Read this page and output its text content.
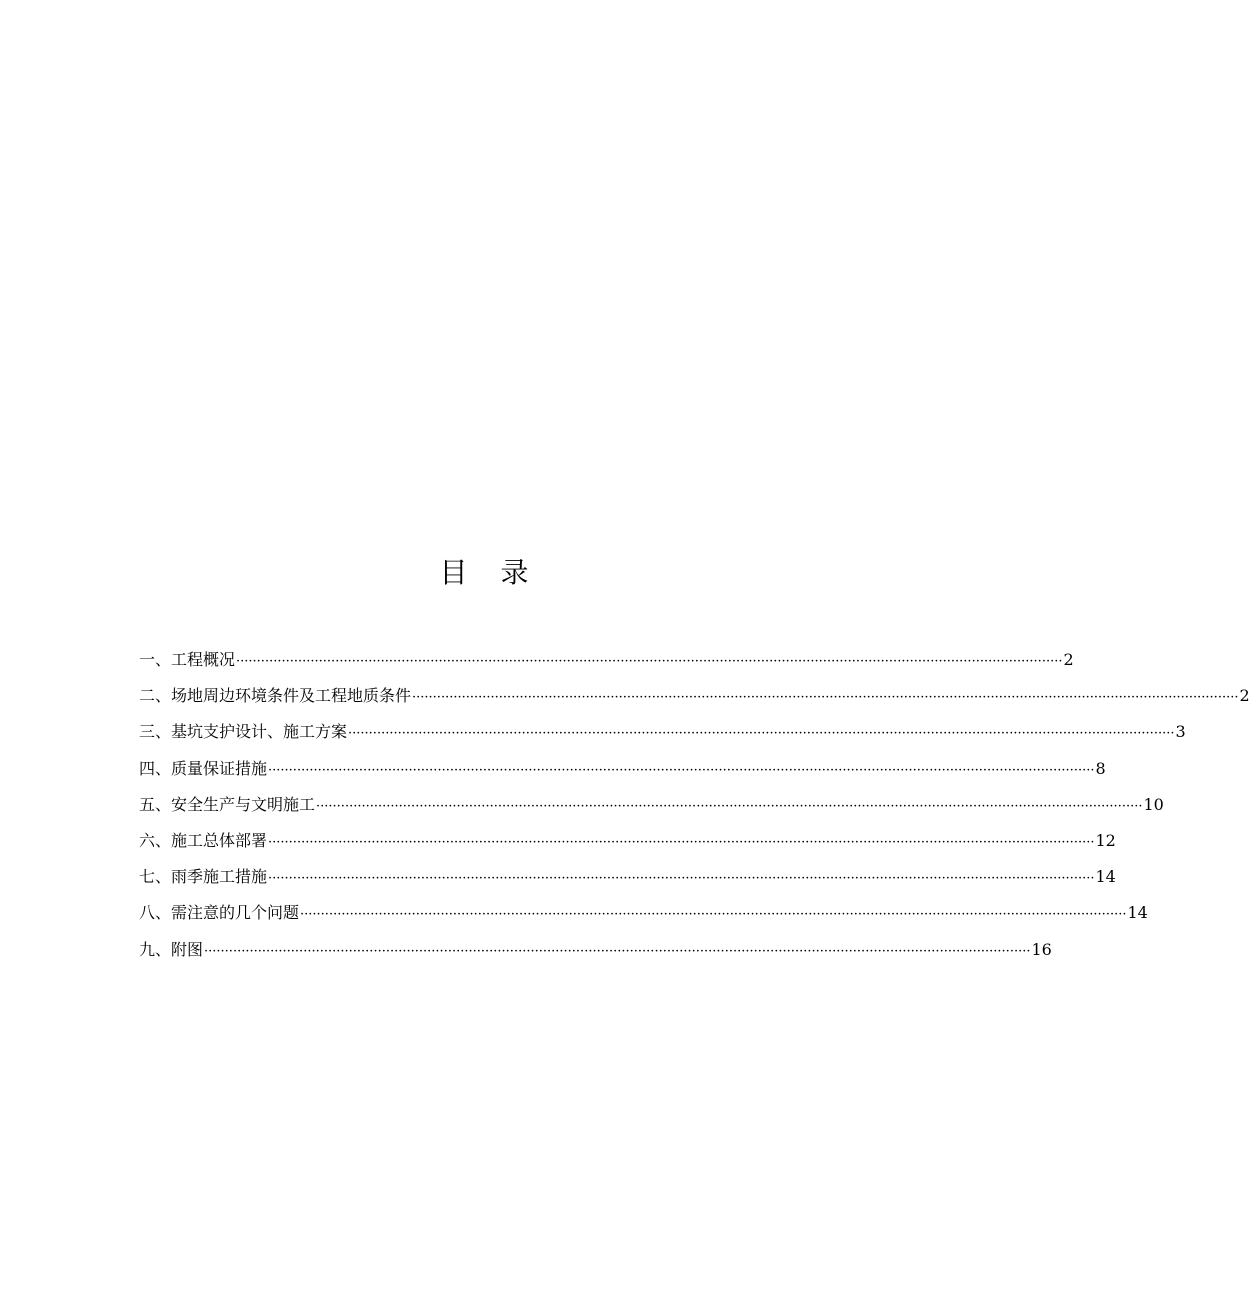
目 录
一、工程概况 ········································································································································································································ 2
二、场地周边环境条件及工程地质条件 ········································································································································································································ 2
三、基坑支护设计、施工方案 ········································································································································································································ 3
四、质量保证措施 ········································································································································································································ 8
五、安全生产与文明施工 ········································································································································································································ 10
六、施工总体部署 ········································································································································································································ 12
七、雨季施工措施 ········································································································································································································ 14
八、需注意的几个问题 ········································································································································································································ 14
九、附图 ········································································································································································································ 16
